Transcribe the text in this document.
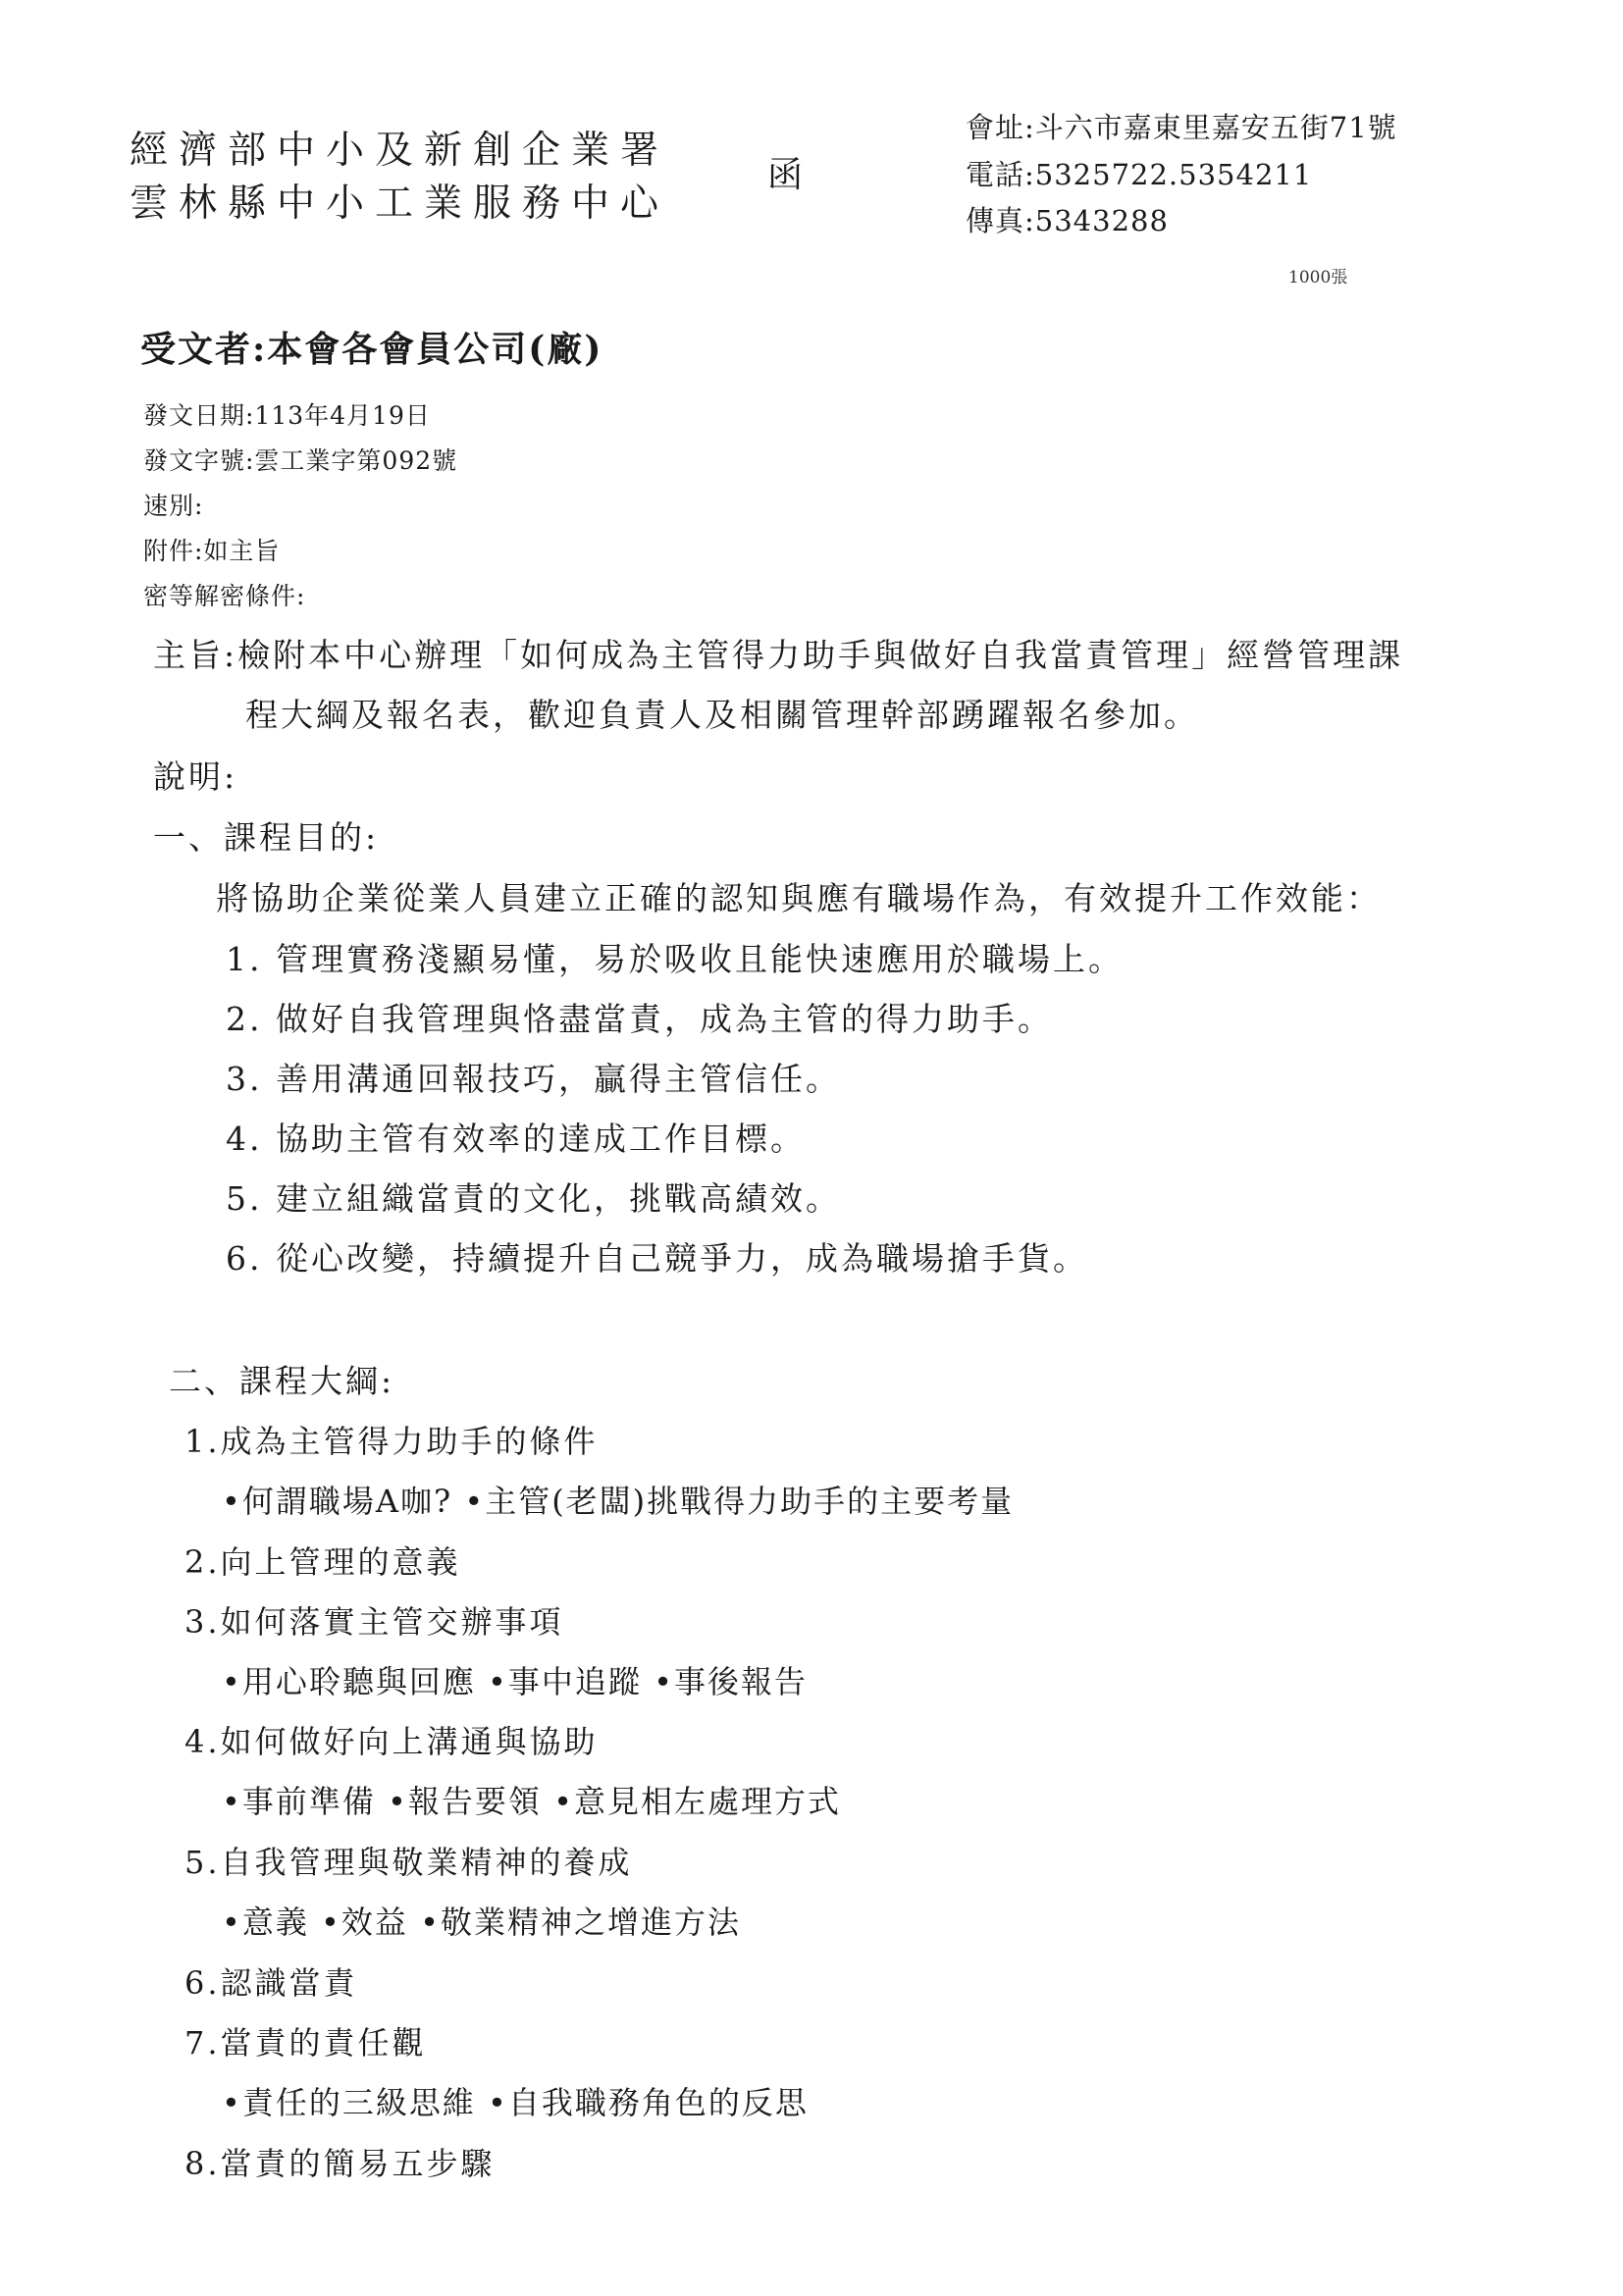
經濟部中小及新創企業署
雲林縣中小工業服務中心
函
會址:斗六市嘉東里嘉安五街71號
電話:5325722.5354211
傳真:5343288
1000張
受文者:本會各會員公司(廠)
發文日期:113年4月19日
發文字號:雲工業字第092號
速別:
附件:如主旨
密等解密條件:
主旨:檢附本中心辦理「如何成為主管得力助手與做好自我當責管理」經營管理課
程大綱及報名表，歡迎負責人及相關管理幹部踴躍報名參加。
說明:
一、課程目的:
將協助企業從業人員建立正確的認知與應有職場作為，有效提升工作效能：
1. 管理實務淺顯易懂，易於吸收且能快速應用於職場上。
2. 做好自我管理與恪盡當責，成為主管的得力助手。
3. 善用溝通回報技巧，贏得主管信任。
4. 協助主管有效率的達成工作目標。
5. 建立組織當責的文化，挑戰高績效。
6. 從心改變，持續提升自己競爭力，成為職場搶手貨。
二、課程大綱:
1.成為主管得力助手的條件
•何謂職場A咖? •主管(老闆)挑戰得力助手的主要考量
2.向上管理的意義
3.如何落實主管交辦事項
•用心聆聽與回應 •事中追蹤 •事後報告
4.如何做好向上溝通與協助
•事前準備 •報告要領 •意見相左處理方式
5.自我管理與敬業精神的養成
•意義 •效益 •敬業精神之增進方法
6.認識當責
7.當責的責任觀
•責任的三級思維 •自我職務角色的反思
8.當責的簡易五步驟
